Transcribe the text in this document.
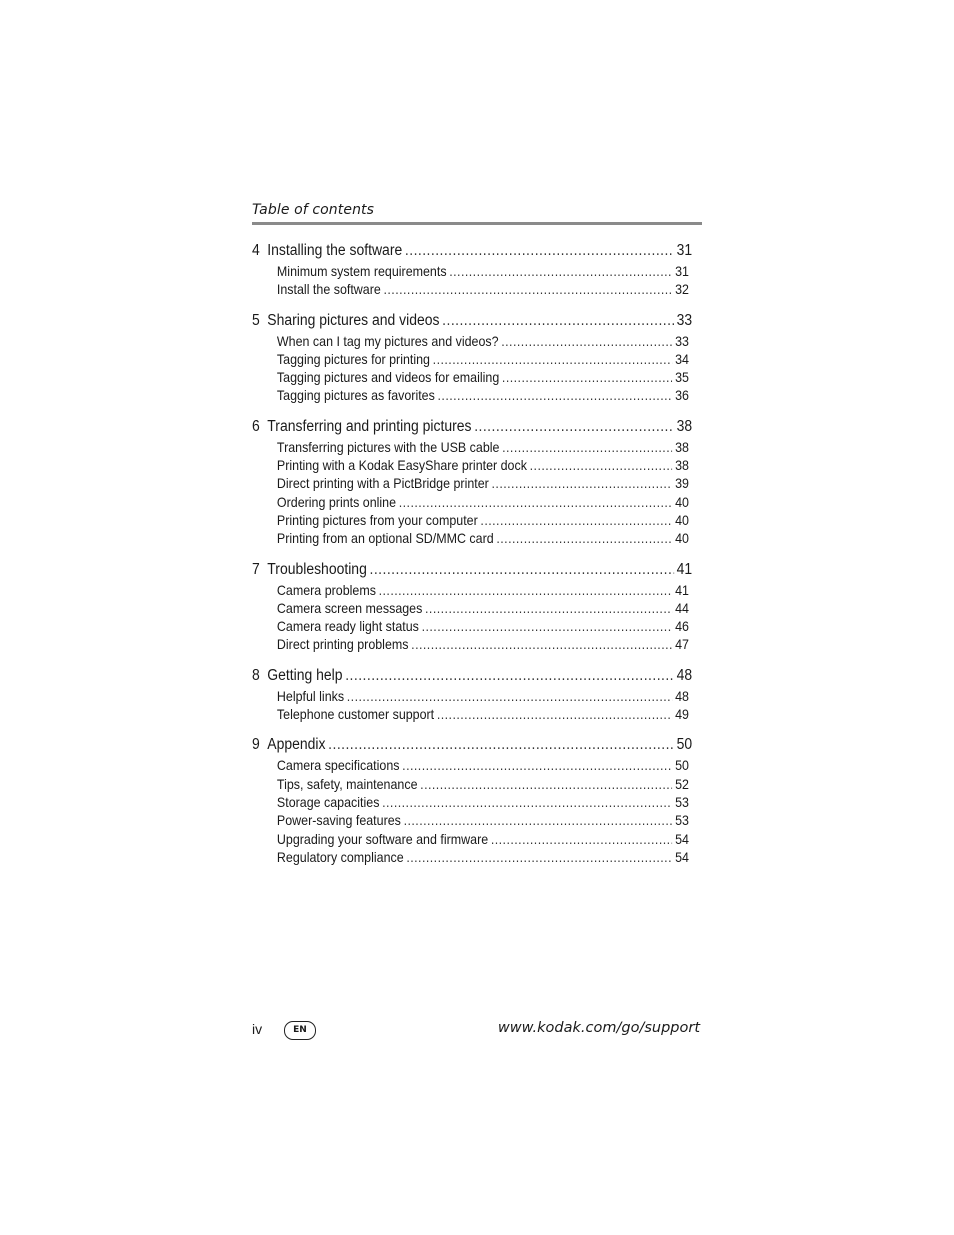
Table of contents
4 Installing the software .....	31
Minimum system requirements .....	31
Install the software .....	32
5 Sharing pictures and videos .....	33
When can I tag my pictures and videos? .....	33
Tagging pictures for printing .....	34
Tagging pictures and videos for emailing .....	35
Tagging pictures as favorites .....	36
6 Transferring and printing pictures .....	38
Transferring pictures with the USB cable .....	38
Printing with a Kodak EasyShare printer dock .....	38
Direct printing with a PictBridge printer .....	39
Ordering prints online .....	40
Printing pictures from your computer .....	40
Printing from an optional SD/MMC card .....	40
7 Troubleshooting .....	41
Camera problems .....	41
Camera screen messages .....	44
Camera ready light status .....	46
Direct printing problems .....	47
8 Getting help .....	48
Helpful links .....	48
Telephone customer support .....	49
9 Appendix .....	50
Camera specifications .....	50
Tips, safety, maintenance .....	52
Storage capacities .....	53
Power-saving features .....	53
Upgrading your software and firmware .....	54
Regulatory compliance .....	54
iv	EN	www.kodak.com/go/support
